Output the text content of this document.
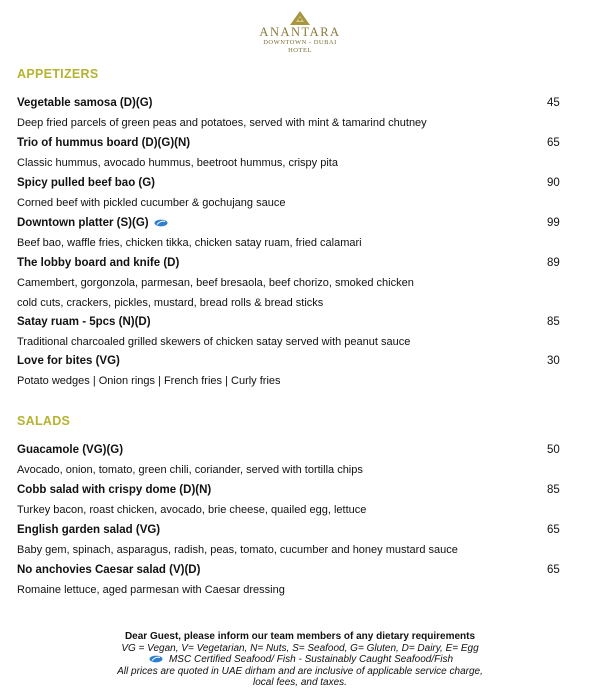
ANANTARA
DOWNTOWN - DUBAI
HOTEL
APPETIZERS
Vegetable samosa (D)(G)	45
Deep fried parcels of green peas and potatoes, served with mint & tamarind chutney
Trio of hummus board (D)(G)(N)	65
Classic hummus, avocado hummus, beetroot hummus, crispy pita
Spicy pulled beef bao (G)	90
Corned beef with pickled cucumber & gochujang sauce
Downtown platter (S)(G)	99
Beef bao, waffle fries, chicken tikka, chicken satay ruam, fried calamari
The lobby board and knife (D)	89
Camembert, gorgonzola, parmesan, beef bresaola, beef chorizo, smoked chicken
cold cuts, crackers, pickles, mustard, bread rolls & bread sticks
Satay ruam - 5pcs (N)(D)	85
Traditional charcoaled grilled skewers of chicken satay served with peanut sauce
Love for bites (VG)	30
Potato wedges | Onion rings | French fries | Curly fries
SALADS
Guacamole (VG)(G)	50
Avocado, onion, tomato, green chili, coriander, served with tortilla chips
Cobb salad with crispy dome (D)(N)	85
Turkey bacon, roast chicken, avocado, brie cheese, quailed egg, lettuce
English garden salad (VG)	65
Baby gem, spinach, asparagus, radish, peas, tomato, cucumber and honey mustard sauce
No anchovies Caesar salad (V)(D)	65
Romaine lettuce, aged parmesan with Caesar dressing
Dear Guest, please inform our team members of any dietary requirements
VG = Vegan, V= Vegetarian, N= Nuts, S= Seafood, G= Gluten, D= Dairy, E= Egg
MSC Certified Seafood/ Fish - Sustainably Caught Seafood/Fish
All prices are quoted in UAE dirham and are inclusive of applicable service charge,
local fees, and taxes.
